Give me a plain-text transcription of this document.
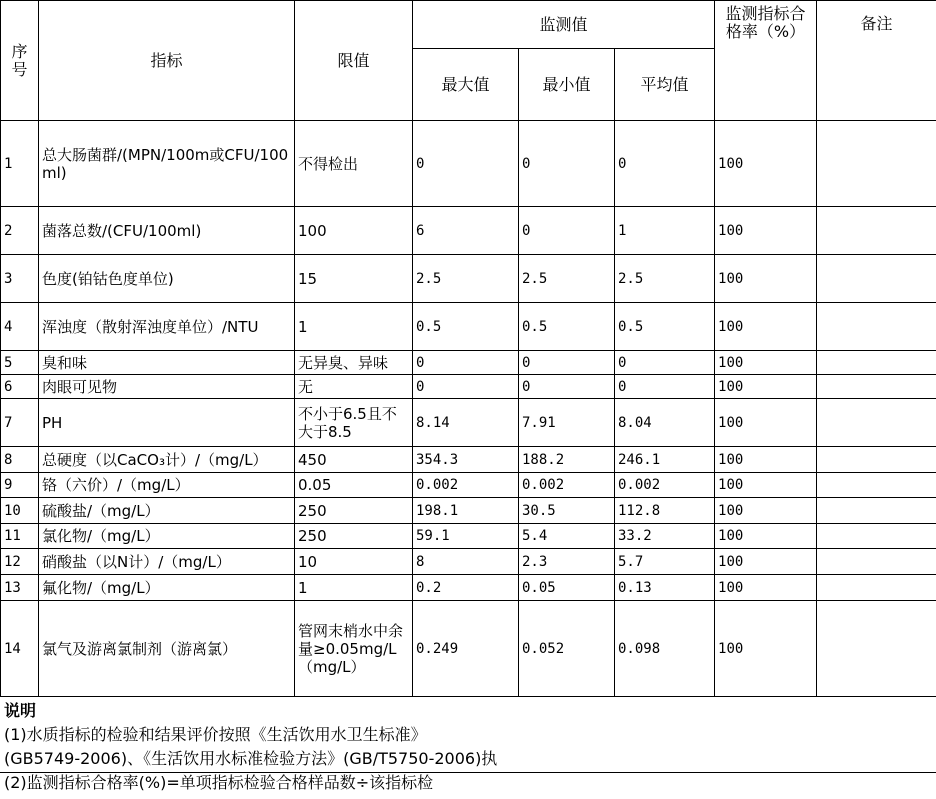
序号	指标	限值	监测值			监测指标合格率（%）	备注
			最大值	最小值	平均值		
1	总大肠菌群/(MPN/100m或CFU/100ml)	不得检出	0	0	0	100	
2	菌落总数/(CFU/100ml)	100	6	0	1	100	
3	色度(铂钴色度单位)	15	2.5	2.5	2.5	100	
4	浑浊度（散射浑浊度单位）/NTU	1	0.5	0.5	0.5	100	
5	臭和味	无异臭、异味	0	0	0	100	
6	肉眼可见物	无	0	0	0	100	
7	PH	不小于6.5且不大于8.5	8.14	7.91	8.04	100	
8	总硬度（以CaCO₃计）/（mg/L）	450	354.3	188.2	246.1	100	
9	铬（六价）/（mg/L）	0.05	0.002	0.002	0.002	100	
10	硫酸盐/（mg/L）	250	198.1	30.5	112.8	100	
11	氯化物/（mg/L）	250	59.1	5.4	33.2	100	
12	硝酸盐（以N计）/（mg/L）	10	8	2.3	5.7	100	
13	氟化物/（mg/L）	1	0.2	0.05	0.13	100	
14	氯气及游离氯制剂（游离氯）	管网末梢水中余量≥0.05mg/L（mg/L）	0.249	0.052	0.098	100	
说明
(1)水质指标的检验和结果评价按照《生活饮用水卫生标准》
(GB5749-2006)、《生活饮用水标准检验方法》(GB/T5750-2006)执
(2)监测指标合格率(%)=单项指标检验合格样品数÷该指标检
